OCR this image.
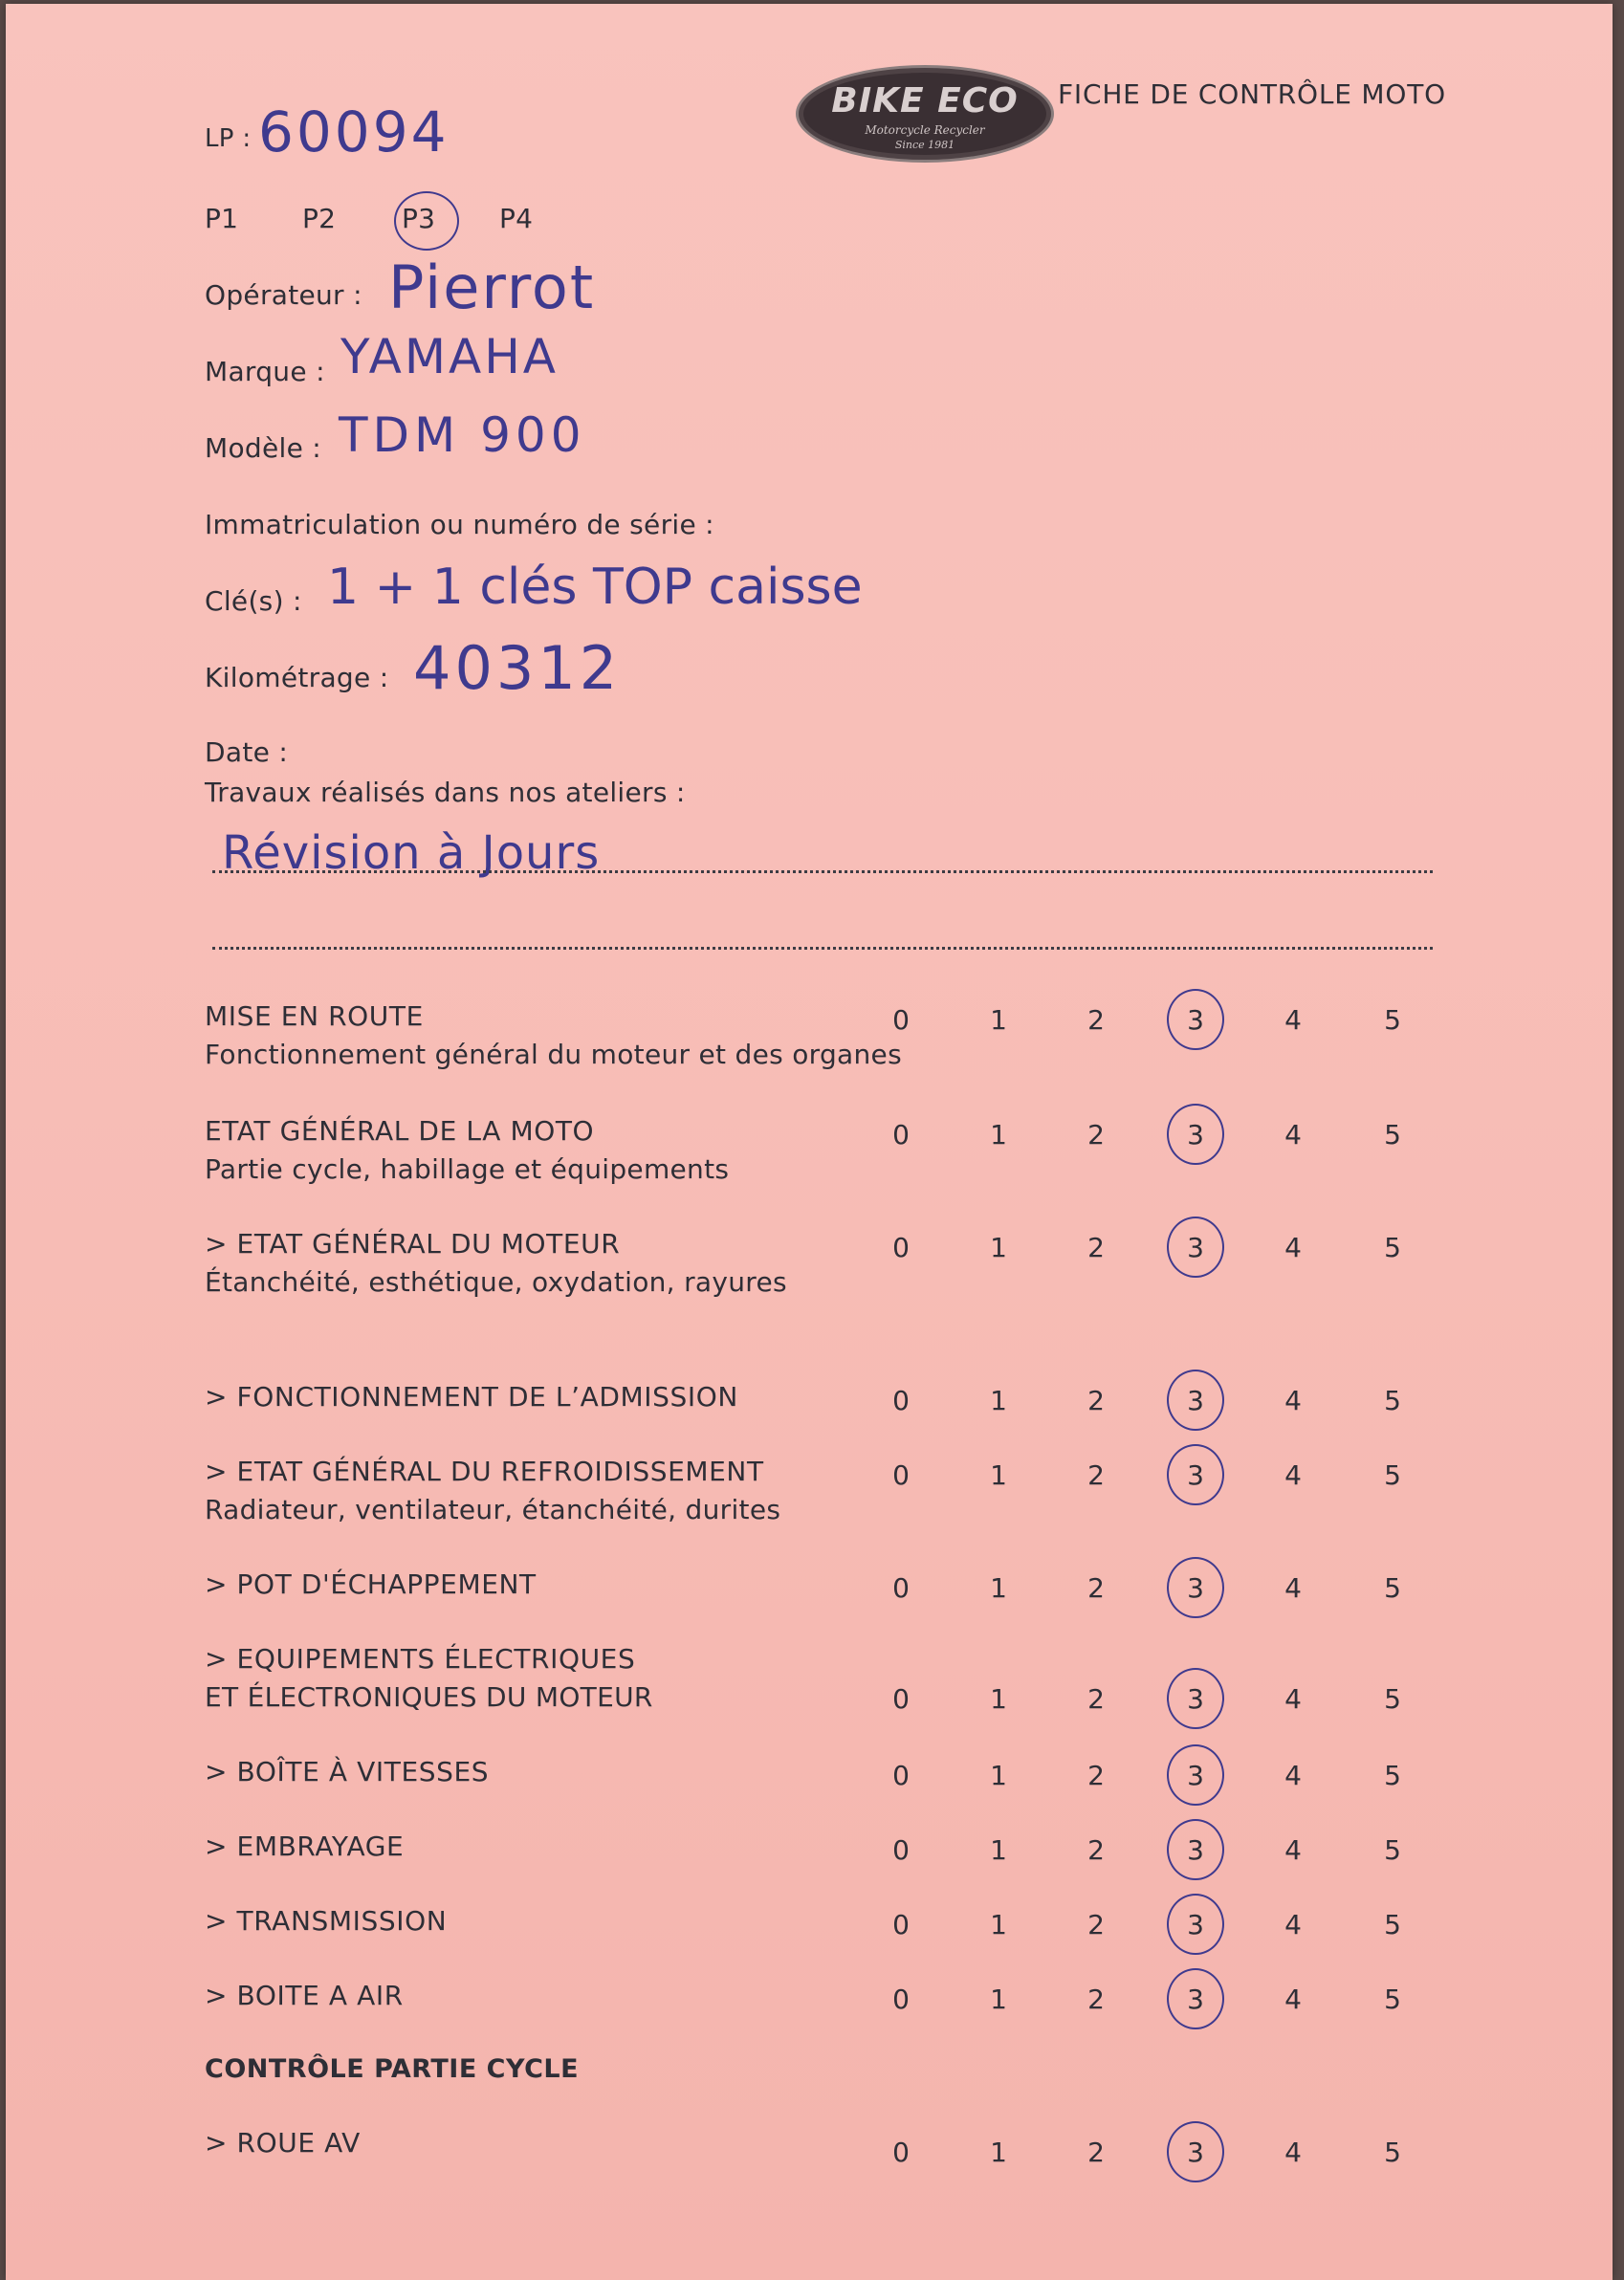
BIKE ECO
Motorcycle Recycler
Since 1981
FICHE DE CONTRÔLE MOTO
LP : 60094
P1 P2 P3 P4
Opérateur : Pierrot
Marque : YAMAHA
Modèle : TDM 900
Immatriculation ou numéro de série :
Clé(s) : 1 + 1 clés TOP caisse
Kilométrage : 40312
Date :
Travaux réalisés dans nos ateliers :
Révision à Jours
MISE EN ROUTE
Fonctionnement général du moteur et des organes
0	1	2	3	4	5
ETAT GÉNÉRAL DE LA MOTO
Partie cycle, habillage et équipements
0	1	2	3	4	5
> ETAT GÉNÉRAL DU MOTEUR
Étanchéité, esthétique, oxydation, rayures
0	1	2	3	4	5
> FONCTIONNEMENT DE L’ADMISSION	0	1	2	3	4	5
> ETAT GÉNÉRAL DU REFROIDISSEMENT
Radiateur, ventilateur, étanchéité, durites
0	1	2	3	4	5
> POT D'ÉCHAPPEMENT	0	1	2	3	4	5
> EQUIPEMENTS ÉLECTRIQUES
ET ÉLECTRONIQUES DU MOTEUR	0	1	2	3	4	5
> BOÎTE À VITESSES	0	1	2	3	4	5
> EMBRAYAGE	0	1	2	3	4	5
> TRANSMISSION	0	1	2	3	4	5
> BOITE A AIR	0	1	2	3	4	5
> ROUE AV	0	1	2	3	4	5
CONTRÔLE PARTIE CYCLE
